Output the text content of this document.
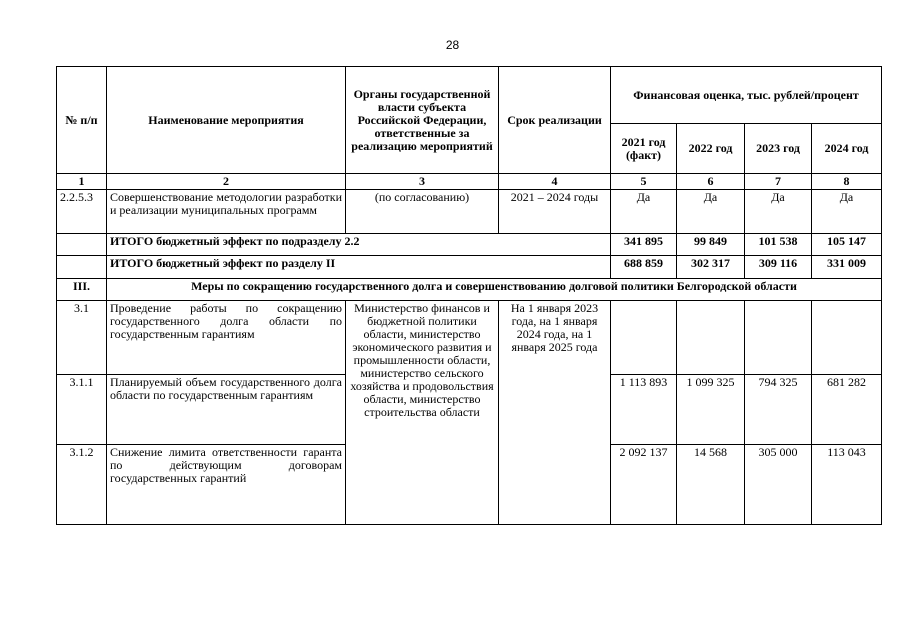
28
№ п/п	Наименование мероприятия	Органы государственной власти субъекта Российской Федерации, ответственные за реализацию мероприятий	Срок реализации	Финансовая оценка, тыс. рублей/процент			
				2021 год (факт)	2022 год	2023 год	2024 год
1	2	3	4	5	6	7	8
2.2.5.3	Совершенствование методологии разработки и реализации муниципальных программ	(по согласованию)	2021 – 2024 годы	Да	Да	Да	Да
	ИТОГО бюджетный эффект по подразделу 2.2			341 895	99 849	101 538	105 147
	ИТОГО бюджетный эффект по разделу II			688 859	302 317	309 116	331 009
III.	Меры по сокращению государственного долга и совершенствованию долговой политики Белгородской области						
3.1	Проведение работы по сокращению государственного долга области по государственным гарантиям	Министерство финансов и бюджетной политики области, министерство экономического развития и промышленности области, министерство сельского хозяйства и продовольствия области, министерство строительства области	На 1 января 2023 года, на 1 января 2024 года, на 1 января 2025 года				
3.1.1	Планируемый объем государственного долга области по государственным гарантиям			1 113 893	1 099 325	794 325	681 282
3.1.2	Снижение лимита ответственности гаранта по действующим договорам государственных гарантий			2 092 137	14 568	305 000	113 043
